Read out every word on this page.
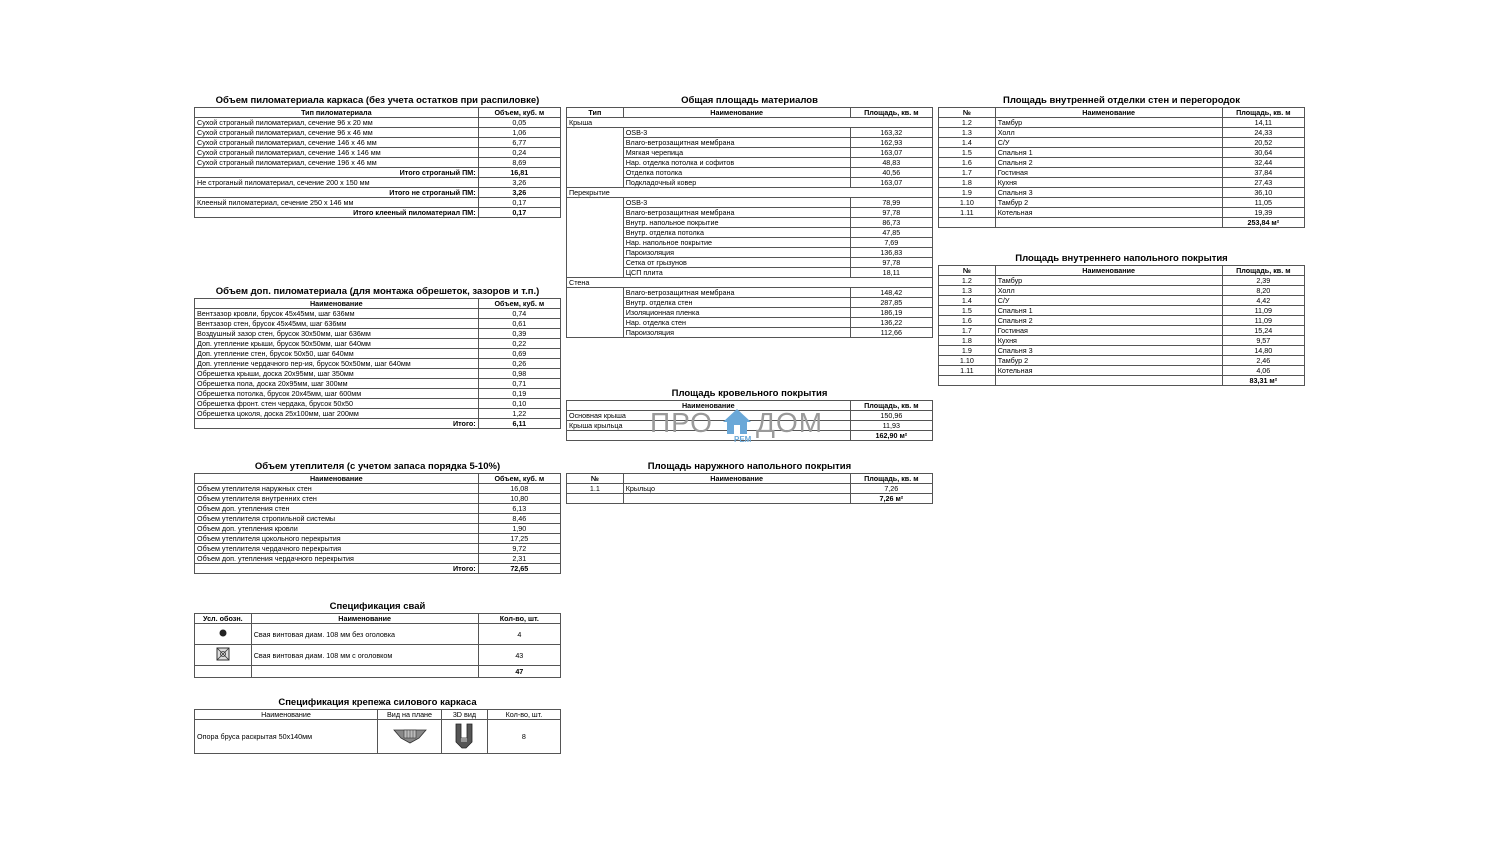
Объем пиломатериала каркаса (без учета остатков при распиловке)
Тип пиломатериала	Объем, куб. м
Сухой строганый пиломатериал, сечение 96 x 20 мм	0,05
Сухой строганый пиломатериал, сечение 96 x 46 мм	1,06
Сухой строганый пиломатериал, сечение 146 x 46 мм	6,77
Сухой строганый пиломатериал, сечение 146 x 146 мм	0,24
Сухой строганый пиломатериал, сечение 196 x 46 мм	8,69
Итого строганый ПМ:	16,81
Не строганый пиломатериал, сечение 200 x 150 мм	3,26
Итого не строганый ПМ:	3,26
Клееный пиломатериал, сечение 250 x 146 мм	0,17
Итого клееный пиломатериал ПМ:	0,17
Объем доп. пиломатериала (для монтажа обрешеток, зазоров и т.п.)
Наименование	Объем, куб. м
Вентзазор кровли, брусок 45х45мм, шаг 636мм	0,74
Вентзазор стен, брусок 45х45мм, шаг 636мм	0,61
Воздушный зазор стен, брусок 30х50мм, шаг 636мм	0,39
Доп. утепление крыши, брусок 50х50мм, шаг 640мм	0,22
Доп. утепление стен, брусок 50х50, шаг 640мм	0,69
Доп. утепление чердачного пер-ия, брусок 50х50мм, шаг 640мм	0,26
Обрешетка крыши, доска 20х95мм, шаг 350мм	0,98
Обрешетка пола, доска 20х95мм, шаг 300мм	0,71
Обрешетка потолка, брусок 20х45мм, шаг 600мм	0,19
Обрешетка фронт. стен чердака, брусок 50х50	0,10
Обрешетка цоколя, доска 25х100мм, шаг 200мм	1,22
Итого:	6,11
Объем утеплителя (с учетом запаса порядка 5-10%)
Наименование	Объем, куб. м
Объем утеплителя наружных стен	16,08
Объем утеплителя внутренних стен	10,80
Объем доп. утепления стен	6,13
Объем утеплителя стропильной системы	8,46
Объем доп. утепления кровли	1,90
Объем утеплителя цокольного перекрытия	17,25
Объем утеплителя чердачного перекрытия	9,72
Объем доп. утепления чердачного перекрытия	2,31
Итого:	72,65
Спецификация свай
Усл. обозн.	Наименование	Кол-во, шт.
	Свая винтовая диам. 108 мм без оголовка	4
	Свая винтовая диам. 108 мм с оголовком	43
		47
Спецификация крепежа силового каркаса
Наименование	Вид на плане	3D вид	Кол-во, шт.
Опора бруса раскрытая 50х140мм			8
Общая площадь материалов
Тип	Наименование	Площадь, кв. м
Крыша		
	OSB-3	163,32
	Влаго-ветрозащитная мембрана	162,93
	Мягкая черепица	163,07
	Нар. отделка потолка и софитов	48,83
	Отделка потолка	40,56
	Подкладочный ковер	163,07
Перекрытие		
	OSB-3	78,99
	Влаго-ветрозащитная мембрана	97,78
	Внутр. напольное покрытие	86,73
	Внутр. отделка потолка	47,85
	Нар. напольное покрытие	7,69
	Пароизоляция	136,83
	Сетка от грызунов	97,78
	ЦСП плита	18,11
Стена		
	Влаго-ветрозащитная мембрана	148,42
	Внутр. отделка стен	287,85
	Изоляционная пленка	186,19
	Нар. отделка стен	136,22
	Пароизоляция	112,66
Площадь кровельного покрытия
Наименование	Площадь, кв. м
Основная крыша	150,96
Крыша крыльца	11,93
	162,90 м²
Площадь наружного напольного покрытия
№	Наименование	Площадь, кв. м
1.1	Крыльцо	7,26
		7,26 м²
Площадь внутренней отделки стен и перегородок
№	Наименование	Площадь, кв. м
1.2	Тамбур	14,11
1.3	Холл	24,33
1.4	С/У	20,52
1.5	Спальня 1	30,64
1.6	Спальня 2	32,44
1.7	Гостиная	37,84
1.8	Кухня	27,43
1.9	Спальня 3	36,10
1.10	Тамбур 2	11,05
1.11	Котельная	19,39
		253,84 м²
Площадь внутреннего напольного покрытия
№	Наименование	Площадь, кв. м
1.2	Тамбур	2,39
1.3	Холл	8,20
1.4	С/У	4,42
1.5	Спальня 1	11,09
1.6	Спальня 2	11,09
1.7	Гостиная	15,24
1.8	Кухня	9,57
1.9	Спальня 3	14,80
1.10	Тамбур 2	2,46
1.11	Котельная	4,06
		83,31 м²
ПРО
РЕМ
ДОМ
